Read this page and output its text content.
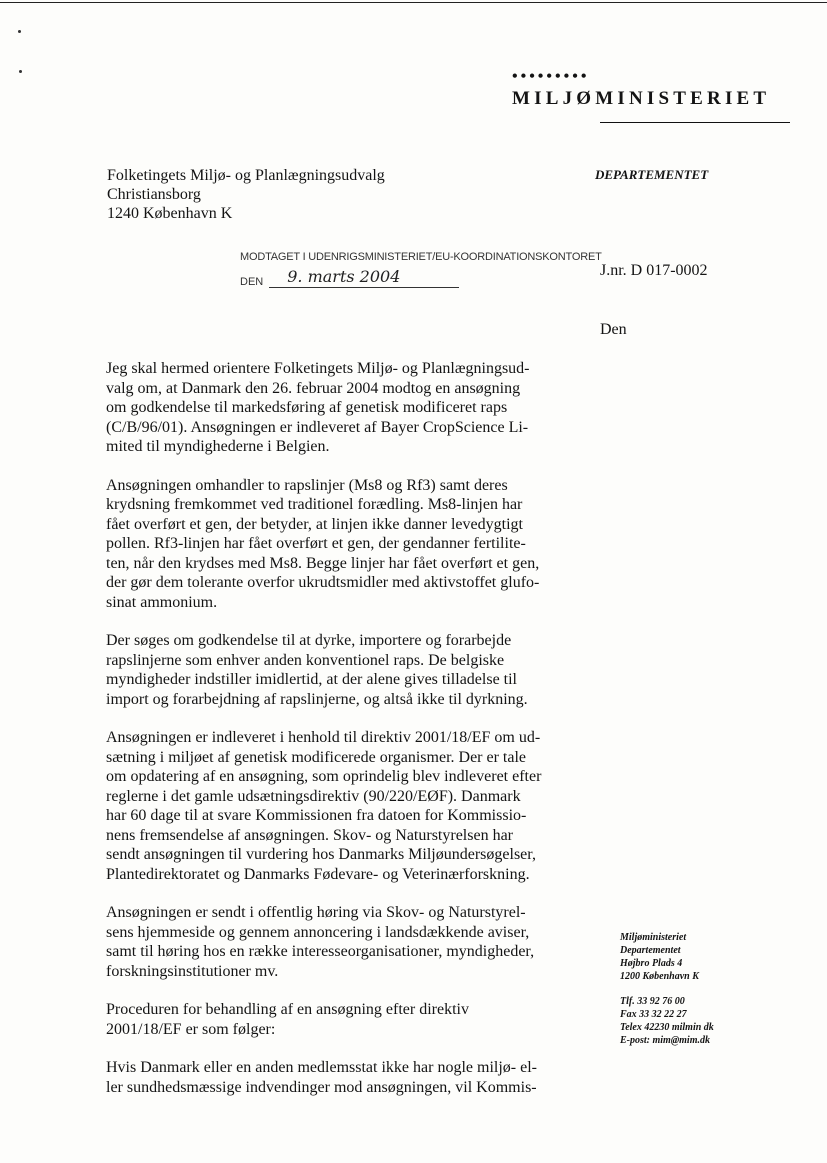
•••••••••
MILJØMINISTERIET
DEPARTEMENTET
Folketingets Miljø- og Planlægningsudvalg
Christiansborg
1240 København K
MODTAGET I UDENRIGSMINISTERIET/EU-KOORDINATIONSKONTORET
DEN 9. marts 2004	J.nr. D 017-0002
Den
Jeg skal hermed orientere Folketingets Miljø- og Planlægningsud-
valg om, at Danmark den 26. februar 2004 modtog en ansøgning
om godkendelse til markedsføring af genetisk modificeret raps
(C/B/96/01). Ansøgningen er indleveret af Bayer CropScience Li-
mited til myndighederne i Belgien.
Ansøgningen omhandler to rapslinjer (Ms8 og Rf3) samt deres
krydsning fremkommet ved traditionel forædling. Ms8-linjen har
fået overført et gen, der betyder, at linjen ikke danner levedygtigt
pollen. Rf3-linjen har fået overført et gen, der gendanner fertilite-
ten, når den krydses med Ms8. Begge linjer har fået overført et gen,
der gør dem tolerante overfor ukrudtsmidler med aktivstoffet glufo-
sinat ammonium.
Der søges om godkendelse til at dyrke, importere og forarbejde
rapslinjerne som enhver anden konventionel raps. De belgiske
myndigheder indstiller imidlertid, at der alene gives tilladelse til
import og forarbejdning af rapslinjerne, og altså ikke til dyrkning.
Ansøgningen er indleveret i henhold til direktiv 2001/18/EF om ud-
sætning i miljøet af genetisk modificerede organismer. Der er tale
om opdatering af en ansøgning, som oprindelig blev indleveret efter
reglerne i det gamle udsætningsdirektiv (90/220/EØF). Danmark
har 60 dage til at svare Kommissionen fra datoen for Kommissio-
nens fremsendelse af ansøgningen. Skov- og Naturstyrelsen har
sendt ansøgningen til vurdering hos Danmarks Miljøundersøgelser,
Plantedirektoratet og Danmarks Fødevare- og Veterinærforskning.
Ansøgningen er sendt i offentlig høring via Skov- og Naturstyrel-
sens hjemmeside og gennem annoncering i landsdækkende aviser,
samt til høring hos en række interesseorganisationer, myndigheder,
forskningsinstitutioner mv.
Proceduren for behandling af en ansøgning efter direktiv
2001/18/EF er som følger:
Hvis Danmark eller en anden medlemsstat ikke har nogle miljø- el-
ler sundhedsmæssige indvendinger mod ansøgningen, vil Kommis-
Miljøministeriet
Departementet
Højbro Plads 4
1200 København K
Tlf. 33 92 76 00
Fax 33 32 22 27
Telex 42230 milmin dk
E-post: mim@mim.dk
